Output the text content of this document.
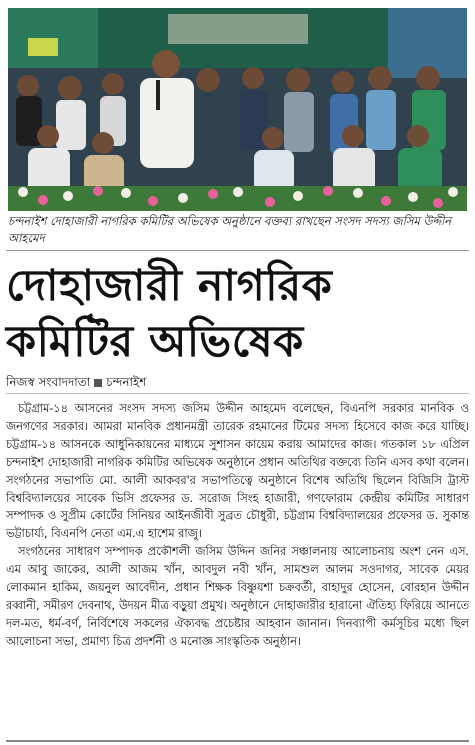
চন্দনাইশ দোহাজারী নাগরিক কমিটির অভিষেক অনুষ্ঠানে বক্তব্য রাখছেন সংসদ সদস্য জসিম উদ্দীন আহমেদ
দোহাজারী নাগরিক
কমিটির অভিষেক
নিজস্ব সংবাদদাতা চন্দনাইশ

চট্টগ্রাম-১৪ আসনের সংসদ সদস্য জসিম উদ্দীন আহমেদ বলেছেন, বিএনপি সরকার মানবিক ও জনগণের সরকার। আমরা মানবিক প্রধানমন্ত্রী তারেক রহমানের টিমের সদস্য হিসেবে কাজ করে যাচ্ছি। চট্টগ্রাম-১৪ আসনকে আধুনিকায়নের মাধ্যমে সুশাসন কায়েম করায় আমাদের কাজ। গতকাল ১৮ এপ্রিল চন্দনাইশ দোহাজারী নাগরিক কমিটির অভিষেক অনুষ্ঠানে প্রধান অতিথির বক্তব্যে তিনি এসব কথা বলেন। সংগঠনের সভাপতি মো. আলী আকবর'র সভাপতিত্বে অনুষ্ঠানে বিশেষ অতিথি ছিলেন বিজিসি ট্রাস্ট বিশ্ববিদ্যালয়ের সাবেক ভিসি প্রফেসর ড. সরোজ সিংহ হাজারী, গণফোরাম কেন্দ্রীয় কমিটির সাধারণ সম্পাদক ও সুপ্রীম কোর্টের সিনিয়র আইনজীবী সুব্রত চৌধুরী, চট্টগ্রাম বিশ্ববিদ্যালয়ের প্রফেসর ড. সুকান্ত ভট্টাচার্য্য, বিএনপি নেতা এম.এ হাশেম রাজু।

সংগঠনের সাধারণ সম্পাদক প্রকৌশলী জসিম উদ্দিন জনির সঞ্চালনায় আলোচনায় অংশ নেন এস. এম আবু জাকের, আলী আজম খাঁন, আবদুল নবী খাঁন, সামশুল আলম সওদাগর, সাবেক মেয়র লোকমান হাকিম, জয়নুল আবেদীন, প্রধান শিক্ষক বিষ্ণুযশা চক্রবর্তী, বাহাদুর হোসেন, বোরহান উদ্দীন রব্বানী, সমীরণ দেবনাথ, উদয়ন মীত্র বড়ুয়া প্রমুখ। অনুষ্ঠানে দোহাজারীর হারানো ঐতিহ্য ফিরিয়ে আনতে দল-মত, ধর্ম-বর্ণ, নির্বিশেষে সকলের ঐক্যবদ্ধ প্রচেষ্টার আহবান জানান। দিনব্যাপী কর্মসূচির মধ্যে ছিল আলোচনা সভা, প্রমাণ্য চিত্র প্রদর্শনী ও মনোজ্ঞ সাংস্কৃতিক অনুষ্ঠান।
